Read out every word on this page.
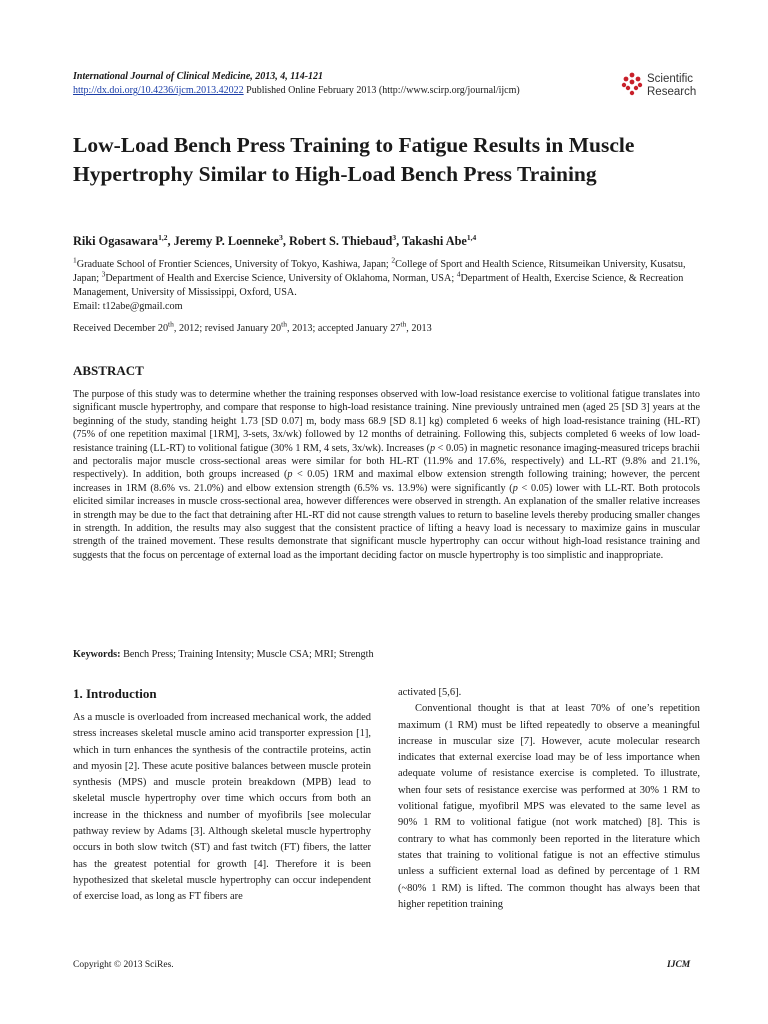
International Journal of Clinical Medicine, 2013, 4, 114-121
http://dx.doi.org/10.4236/ijcm.2013.42022 Published Online February 2013 (http://www.scirp.org/journal/ijcm)
Scientific
Research
Low-Load Bench Press Training to Fatigue Results in Muscle Hypertrophy Similar to High-Load Bench Press Training
Riki Ogasawara$^{1,2}$, Jeremy P. Loenneke$^3$, Robert S. Thiebaud$^3$, Takashi Abe$^{1,4}$
$^1$Graduate School of Frontier Sciences, University of Tokyo, Kashiwa, Japan; $^2$College of Sport and Health Science, Ritsumeikan University, Kusatsu, Japan; $^3$Department of Health and Exercise Science, University of Oklahoma, Norman, USA; $^4$Department of Health, Exercise Science, & Recreation Management, University of Mississippi, Oxford, USA.
Email: t12abe@gmail.com
Received December 20th, 2012; revised January 20th, 2013; accepted January 27th, 2013
ABSTRACT
The purpose of this study was to determine whether the training responses observed with low-load resistance exercise to volitional fatigue translates into significant muscle hypertrophy, and compare that response to high-load resistance training. Nine previously untrained men (aged 25 [SD 3] years at the beginning of the study, standing height 1.73 [SD 0.07] m, body mass 68.9 [SD 8.1] kg) completed 6 weeks of high load-resistance training (HL-RT) (75% of one repetition maximal [1RM], 3-sets, 3x/wk) followed by 12 months of detraining. Following this, subjects completed 6 weeks of low load-resistance training (LL-RT) to volitional fatigue (30% 1 RM, 4 sets, 3x/wk). Increases (p < 0.05) in magnetic resonance imaging-measured triceps brachii and pectoralis major muscle cross-sectional areas were similar for both HL-RT (11.9% and 17.6%, respectively) and LL-RT (9.8% and 21.1%, respectively). In addition, both groups increased (p < 0.05) 1RM and maximal elbow extension strength following training; however, the percent increases in 1RM (8.6% vs. 21.0%) and elbow extension strength (6.5% vs. 13.9%) were significantly (p < 0.05) lower with LL-RT. Both protocols elicited similar increases in muscle cross-sectional area, however differences were observed in strength. An explanation of the smaller relative increases in strength may be due to the fact that detraining after HL-RT did not cause strength values to return to baseline levels thereby producing smaller changes in strength. In addition, the results may also suggest that the consistent practice of lifting a heavy load is necessary to maximize gains in muscular strength of the trained movement. These results demonstrate that significant muscle hypertrophy can occur without high-load resistance training and suggests that the focus on percentage of external load as the important deciding factor on muscle hypertrophy is too simplistic and inappropriate.
Keywords: Bench Press; Training Intensity; Muscle CSA; MRI; Strength
1. Introduction
As a muscle is overloaded from increased mechanical work, the added stress increases skeletal muscle amino acid transporter expression [1], which in turn enhances the synthesis of the contractile proteins, actin and myosin [2]. These acute positive balances between muscle protein synthesis (MPS) and muscle protein breakdown (MPB) lead to skeletal muscle hypertrophy over time which occurs from both an increase in the thickness and number of myofibrils [see molecular pathway review by Adams [3]. Although skeletal muscle hypertrophy occurs in both slow twitch (ST) and fast twitch (FT) fibers, the latter has the greatest potential for growth [4]. Therefore it is been hypothesized that skeletal muscle hypertrophy can occur independent of exercise load, as long as FT fibers are

activated [5,6].

Conventional thought is that at least 70% of one’s repetition maximum (1 RM) must be lifted repeatedly to observe a meaningful increase in muscular size [7]. However, acute molecular research indicates that external exercise load may be of less importance when adequate volume of resistance exercise is completed. To illustrate, when four sets of resistance exercise was performed at 30% 1 RM to volitional fatigue, myofibril MPS was elevated to the same level as 90% 1 RM to volitional fatigue (not work matched) [8]. This is contrary to what has commonly been reported in the literature which states that training to volitional fatigue is not an effective stimulus unless a sufficient external load as defined by percentage of 1 RM (~80% 1 RM) is lifted. The common thought has always been that higher repetition training

Copyright © 2013 SciRes.	IJCM
